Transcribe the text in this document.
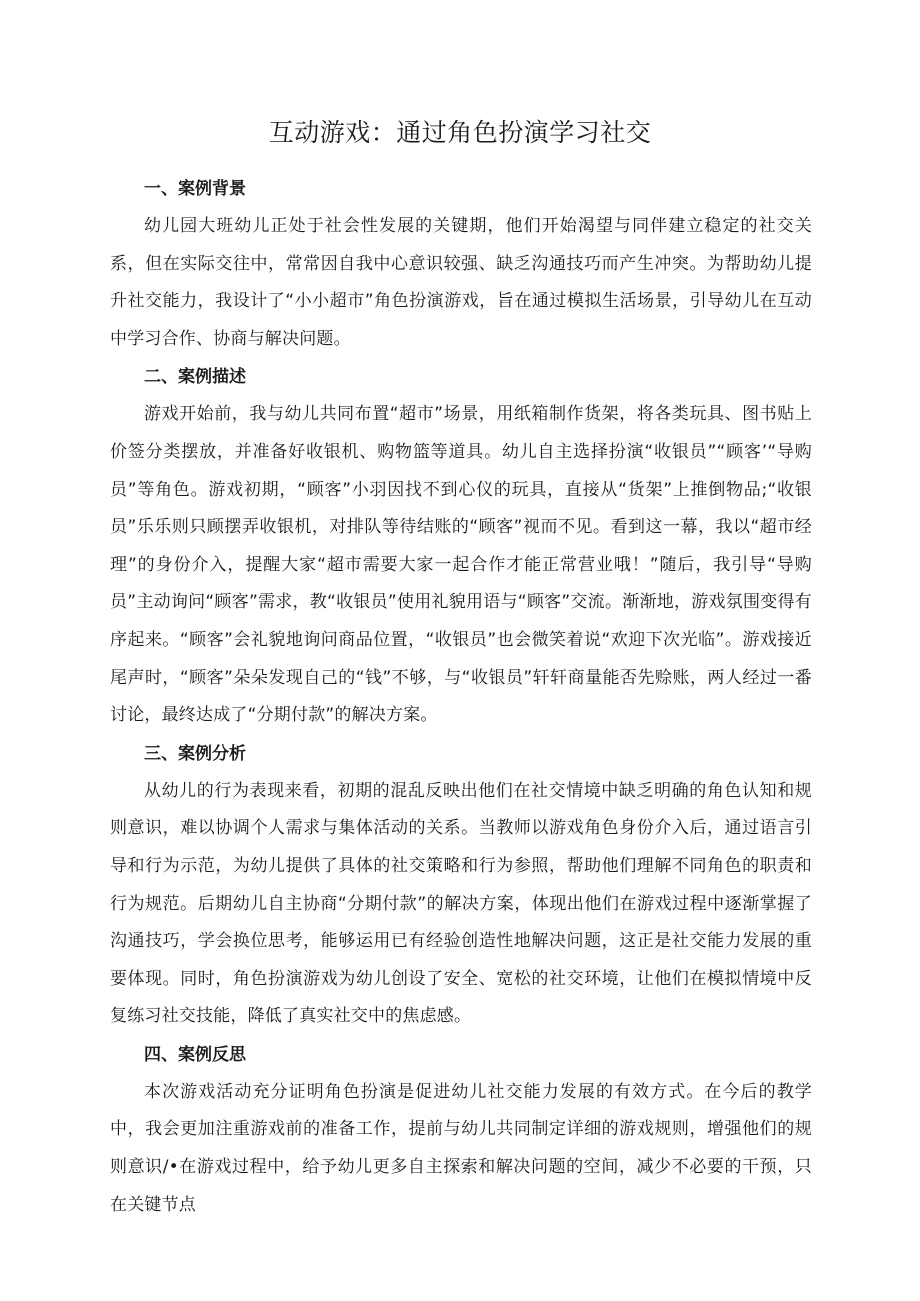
互动游戏：通过角色扮演学习社交
一、案例背景

幼儿园大班幼儿正处于社会性发展的关键期，他们开始渴望与同伴建立稳定的社交关系，但在实际交往中，常常因自我中心意识较强、缺乏沟通技巧而产生冲突。为帮助幼儿提升社交能力，我设计了“小小超市”角色扮演游戏，旨在通过模拟生活场景，引导幼儿在互动中学习合作、协商与解决问题。

二、案例描述

游戏开始前，我与幼儿共同布置“超市”场景，用纸箱制作货架，将各类玩具、图书贴上价签分类摆放，并准备好收银机、购物篮等道具。幼儿自主选择扮演“收银员”“顾客’“导购员”等角色。游戏初期，“顾客”小羽因找不到心仪的玩具，直接从“货架”上推倒物品;“收银员”乐乐则只顾摆弄收银机，对排队等待结账的“顾客”视而不见。看到这一幕，我以“超市经理”的身份介入，提醒大家“超市需要大家一起合作才能正常营业哦！”随后，我引导“导购员”主动询问“顾客”需求，教“收银员”使用礼貌用语与“顾客”交流。渐渐地，游戏氛围变得有序起来。“顾客”会礼貌地询问商品位置，“收银员”也会微笑着说“欢迎下次光临”。游戏接近尾声时，“顾客”朵朵发现自己的“钱”不够，与“收银员”轩轩商量能否先赊账，两人经过一番讨论，最终达成了“分期付款”的解决方案。

三、案例分析

从幼儿的行为表现来看，初期的混乱反映出他们在社交情境中缺乏明确的角色认知和规则意识，难以协调个人需求与集体活动的关系。当教师以游戏角色身份介入后，通过语言引导和行为示范，为幼儿提供了具体的社交策略和行为参照，帮助他们理解不同角色的职责和行为规范。后期幼儿自主协商“分期付款”的解决方案，体现出他们在游戏过程中逐渐掌握了沟通技巧，学会换位思考，能够运用已有经验创造性地解决问题，这正是社交能力发展的重要体现。同时，角色扮演游戏为幼儿创设了安全、宽松的社交环境，让他们在模拟情境中反复练习社交技能，降低了真实社交中的焦虑感。

四、案例反思

本次游戏活动充分证明角色扮演是促进幼儿社交能力发展的有效方式。在今后的教学中，我会更加注重游戏前的准备工作，提前与幼儿共同制定详细的游戏规则，增强他们的规则意识/•在游戏过程中，给予幼儿更多自主探索和解决问题的空间，减少不必要的干预，只在关键节点
